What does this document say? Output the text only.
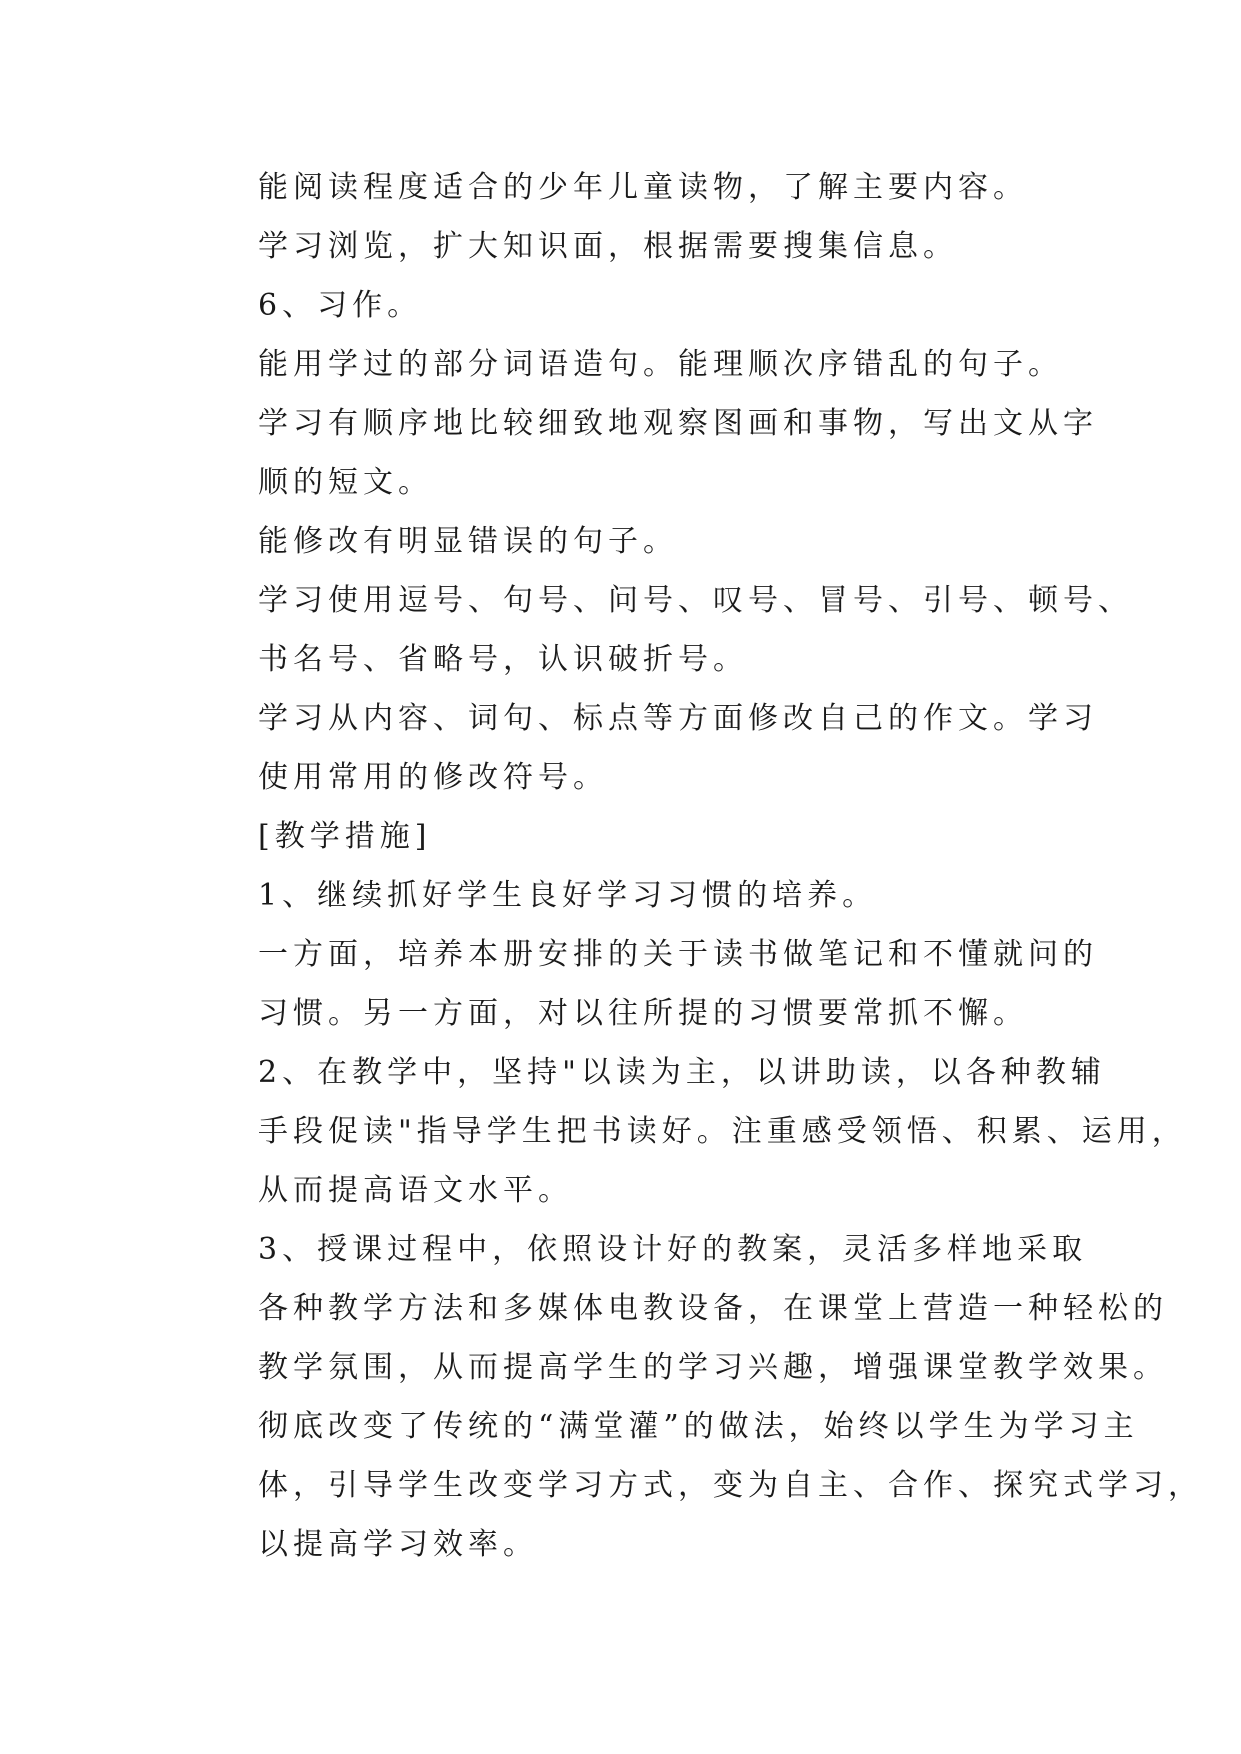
能阅读程度适合的少年儿童读物，了解主要内容。

学习浏览，扩大知识面，根据需要搜集信息。

6、习作。

能用学过的部分词语造句。能理顺次序错乱的句子。

学习有顺序地比较细致地观察图画和事物，写出文从字
顺的短文。

能修改有明显错误的句子。

学习使用逗号、句号、问号、叹号、冒号、引号、顿号、
书名号、省略号，认识破折号。

学习从内容、词句、标点等方面修改自己的作文。学习
使用常用的修改符号。

[教学措施]

1、继续抓好学生良好学习习惯的培养。

一方面，培养本册安排的关于读书做笔记和不懂就问的
习惯。另一方面，对以往所提的习惯要常抓不懈。

2、在教学中，坚持"以读为主，以讲助读，以各种教辅
手段促读"指导学生把书读好。注重感受领悟、积累、运用，
从而提高语文水平。

3、授课过程中，依照设计好的教案，灵活多样地采取
各种教学方法和多媒体电教设备，在课堂上营造一种轻松的
教学氛围，从而提高学生的学习兴趣，增强课堂教学效果。
彻底改变了传统的“满堂灌”的做法，始终以学生为学习主
体，引导学生改变学习方式，变为自主、合作、探究式学习，
以提高学习效率。
